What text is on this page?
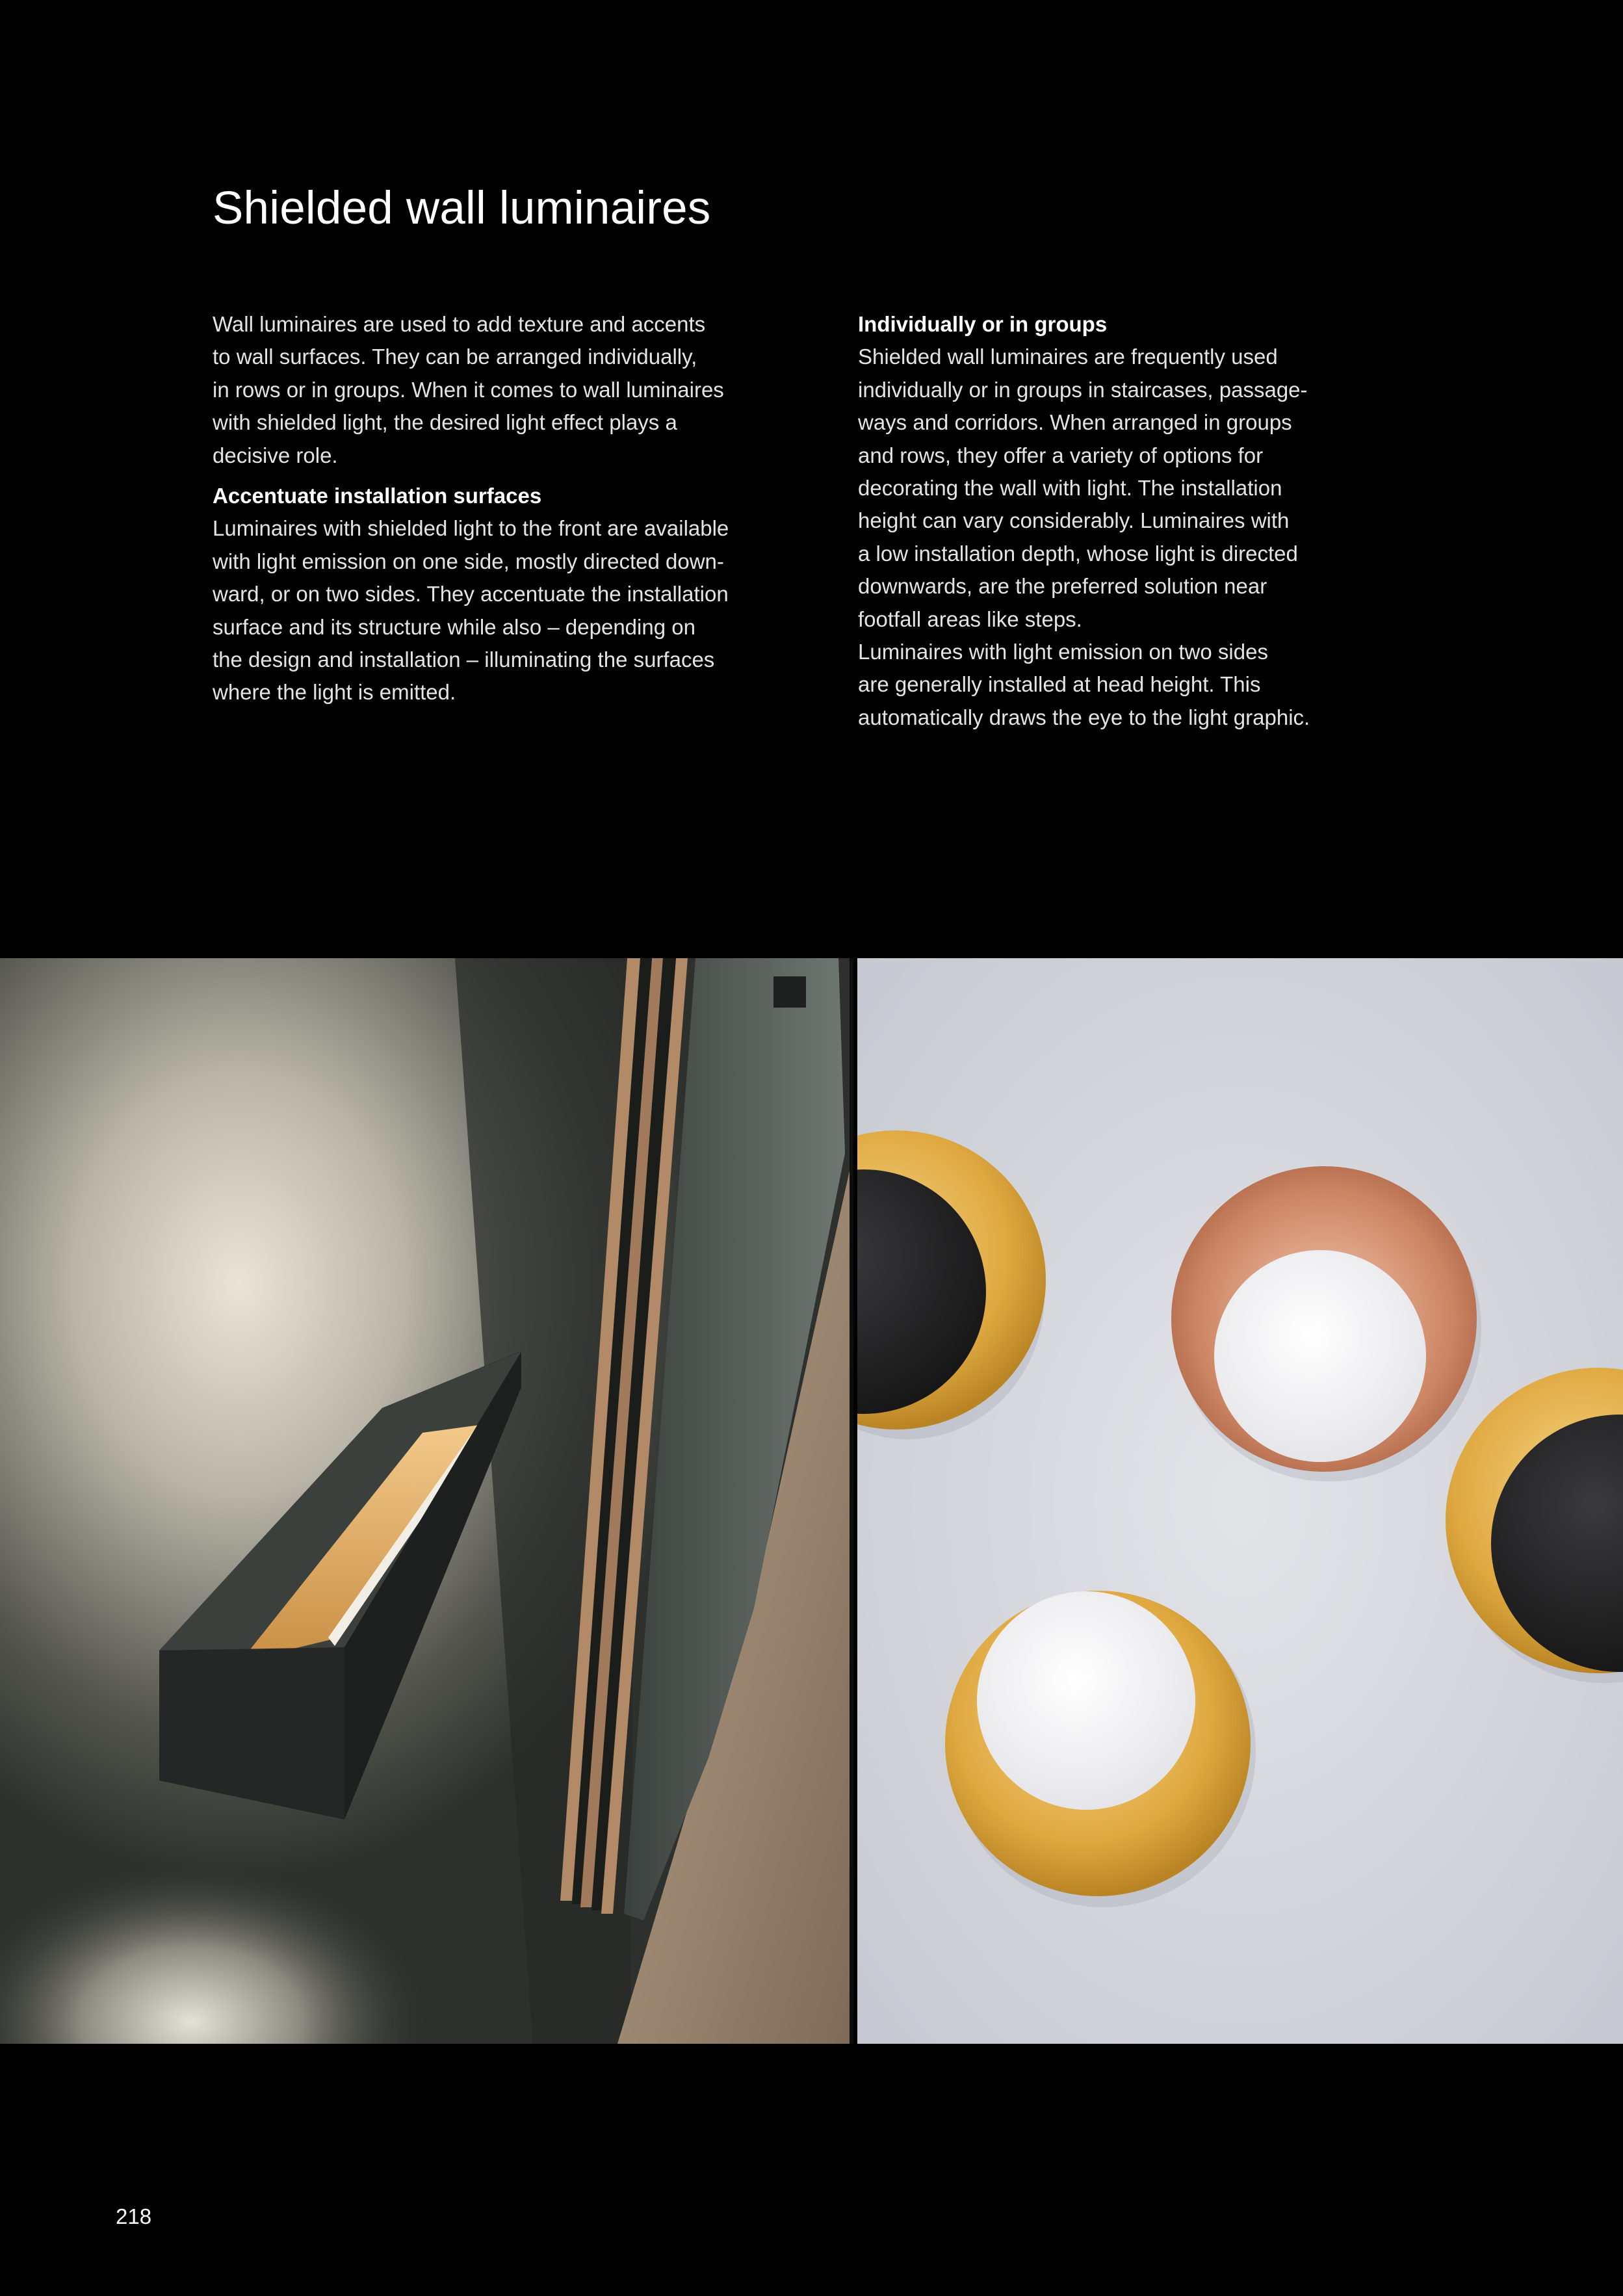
Shielded wall luminaires
Wall luminaires are used to add texture and accents
to wall surfaces. They can be arranged individually,
in rows or in groups. When it comes to wall luminaires
with shielded light, the desired light effect plays a
decisive role.
Accentuate installation surfaces
Luminaires with shielded light to the front are available
with light emission on one side, mostly directed down-
ward, or on two sides. They accentuate the installation
surface and its structure while also – depending on
the design and installation – illuminating the surfaces
where the light is emitted.
Individually or in groups
Shielded wall luminaires are frequently used
individually or in groups in staircases, passage-
ways and corridors. When arranged in groups
and rows, they offer a variety of options for
decorating the wall with light. The installation
height can vary considerably. Luminaires with
a low installation depth, whose light is directed
downwards, are the preferred solution near
footfall areas like steps.
Luminaires with light emission on two sides
are generally installed at head height. This
automatically draws the eye to the light graphic.
218
